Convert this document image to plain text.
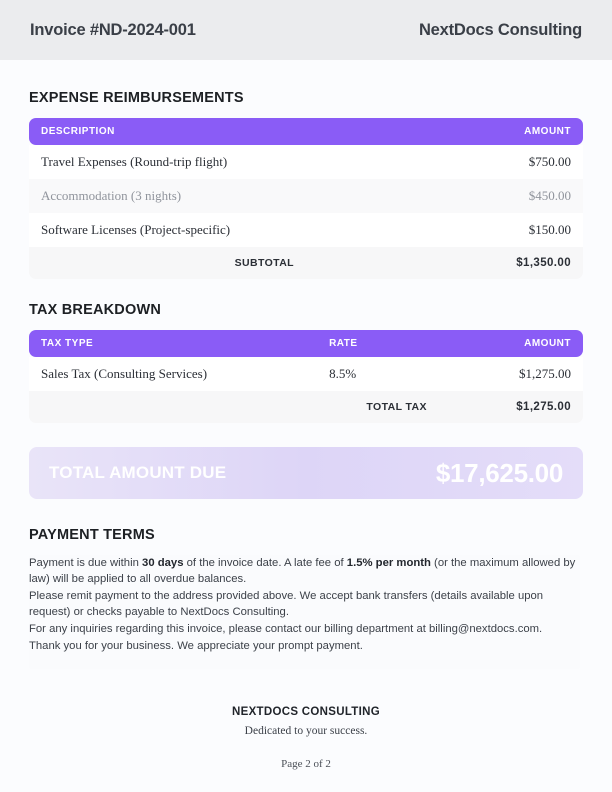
Invoice #ND-2024-001	NextDocs Consulting
EXPENSE REIMBURSEMENTS
DESCRIPTION	AMOUNT
Travel Expenses (Round-trip flight)	$750.00
Accommodation (3 nights)	$450.00
Software Licenses (Project-specific)	$150.00
SUBTOTAL	$1,350.00
TAX BREAKDOWN
TAX TYPE	RATE	AMOUNT
Sales Tax (Consulting Services)	8.5%	$1,275.00
	TOTAL TAX	$1,275.00
TOTAL AMOUNT DUE	$17,625.00
PAYMENT TERMS

Payment is due within 30 days of the invoice date. A late fee of 1.5% per month (or the maximum allowed by law) will be applied to all overdue balances.

Please remit payment to the address provided above. We accept bank transfers (details available upon request) or checks payable to NextDocs Consulting.

For any inquiries regarding this invoice, please contact our billing department at billing@nextdocs.com.

Thank you for your business. We appreciate your prompt payment.

NEXTDOCS CONSULTING
Dedicated to your success.
Page 2 of 2
